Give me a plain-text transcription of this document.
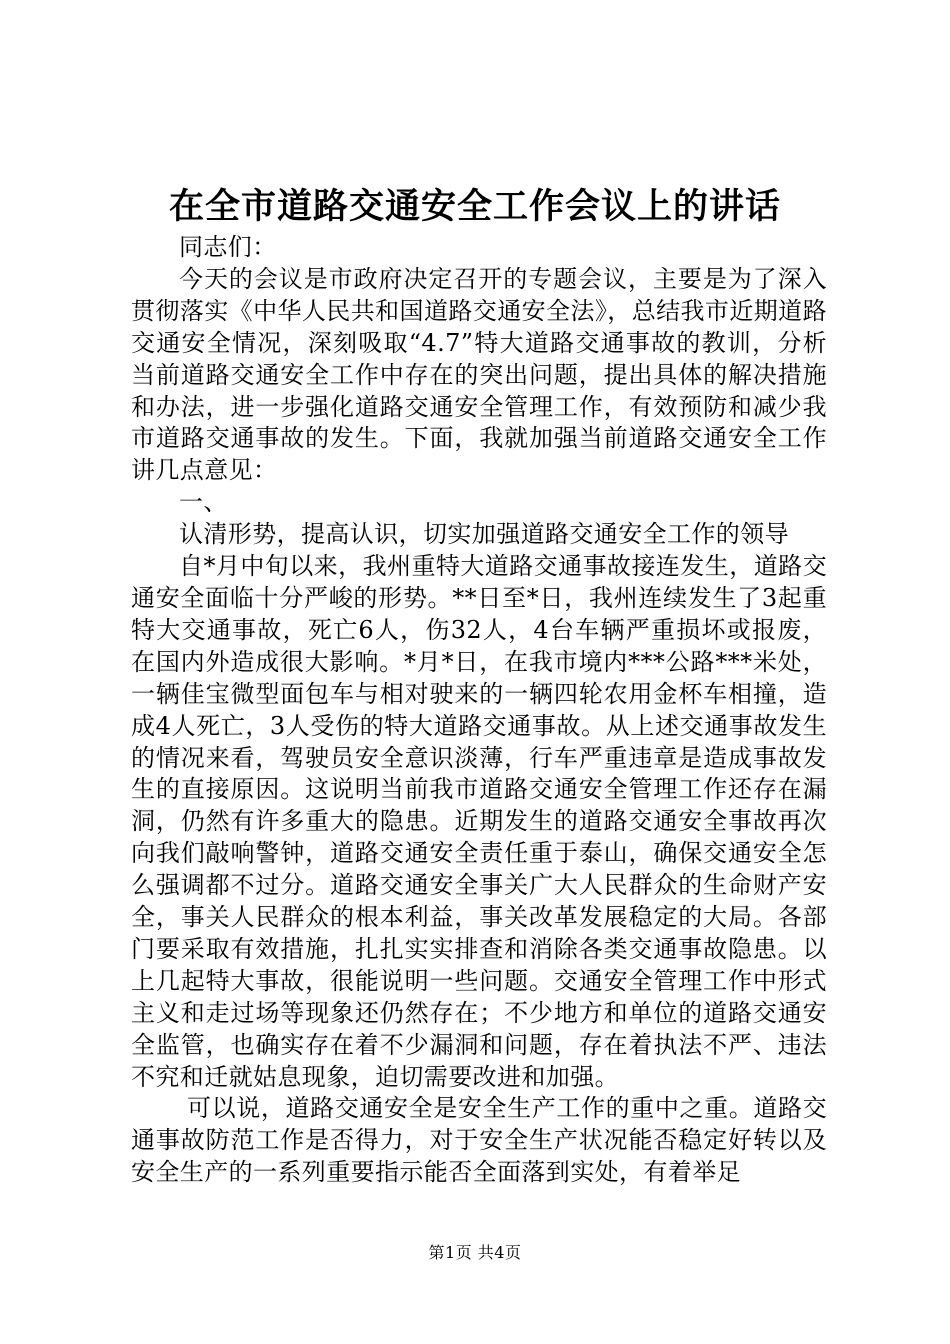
在全市道路交通安全工作会议上的讲话

同志们：

今天的会议是市政府决定召开的专题会议，主要是为了深入贯彻落实《中华人民共和国道路交通安全法》，总结我市近期道路交通安全情况，深刻吸取“4.7”特大道路交通事故的教训，分析当前道路交通安全工作中存在的突出问题，提出具体的解决措施和办法，进一步强化道路交通安全管理工作，有效预防和减少我市道路交通事故的发生。下面，我就加强当前道路交通安全工作讲几点意见：

一、

认清形势，提高认识，切实加强道路交通安全工作的领导

自*月中旬以来，我州重特大道路交通事故接连发生，道路交通安全面临十分严峻的形势。**日至*日，我州连续发生了3起重特大交通事故，死亡6人，伤32人，4台车辆严重损坏或报废，在国内外造成很大影响。*月*日，在我市境内***公路***米处，一辆佳宝微型面包车与相对驶来的一辆四轮农用金杯车相撞，造成4人死亡，3人受伤的特大道路交通事故。从上述交通事故发生的情况来看，驾驶员安全意识淡薄，行车严重违章是造成事故发生的直接原因。这说明当前我市道路交通安全管理工作还存在漏洞，仍然有许多重大的隐患。近期发生的道路交通安全事故再次向我们敲响警钟，道路交通安全责任重于泰山，确保交通安全怎么强调都不过分。道路交通安全事关广大人民群众的生命财产安全，事关人民群众的根本利益，事关改革发展稳定的大局。各部门要采取有效措施，扎扎实实排查和消除各类交通事故隐患。以上几起特大事故，很能说明一些问题。交通安全管理工作中形式主义和走过场等现象还仍然存在；不少地方和单位的道路交通安全监管，也确实存在着不少漏洞和问题，存在着执法不严、违法不究和迁就姑息现象，迫切需要改进和加强。

可以说，道路交通安全是安全生产工作的重中之重。道路交通事故防范工作是否得力，对于安全生产状况能否稳定好转以及安全生产的一系列重要指示能否全面落到实处，有着举足

第1页 共4页
